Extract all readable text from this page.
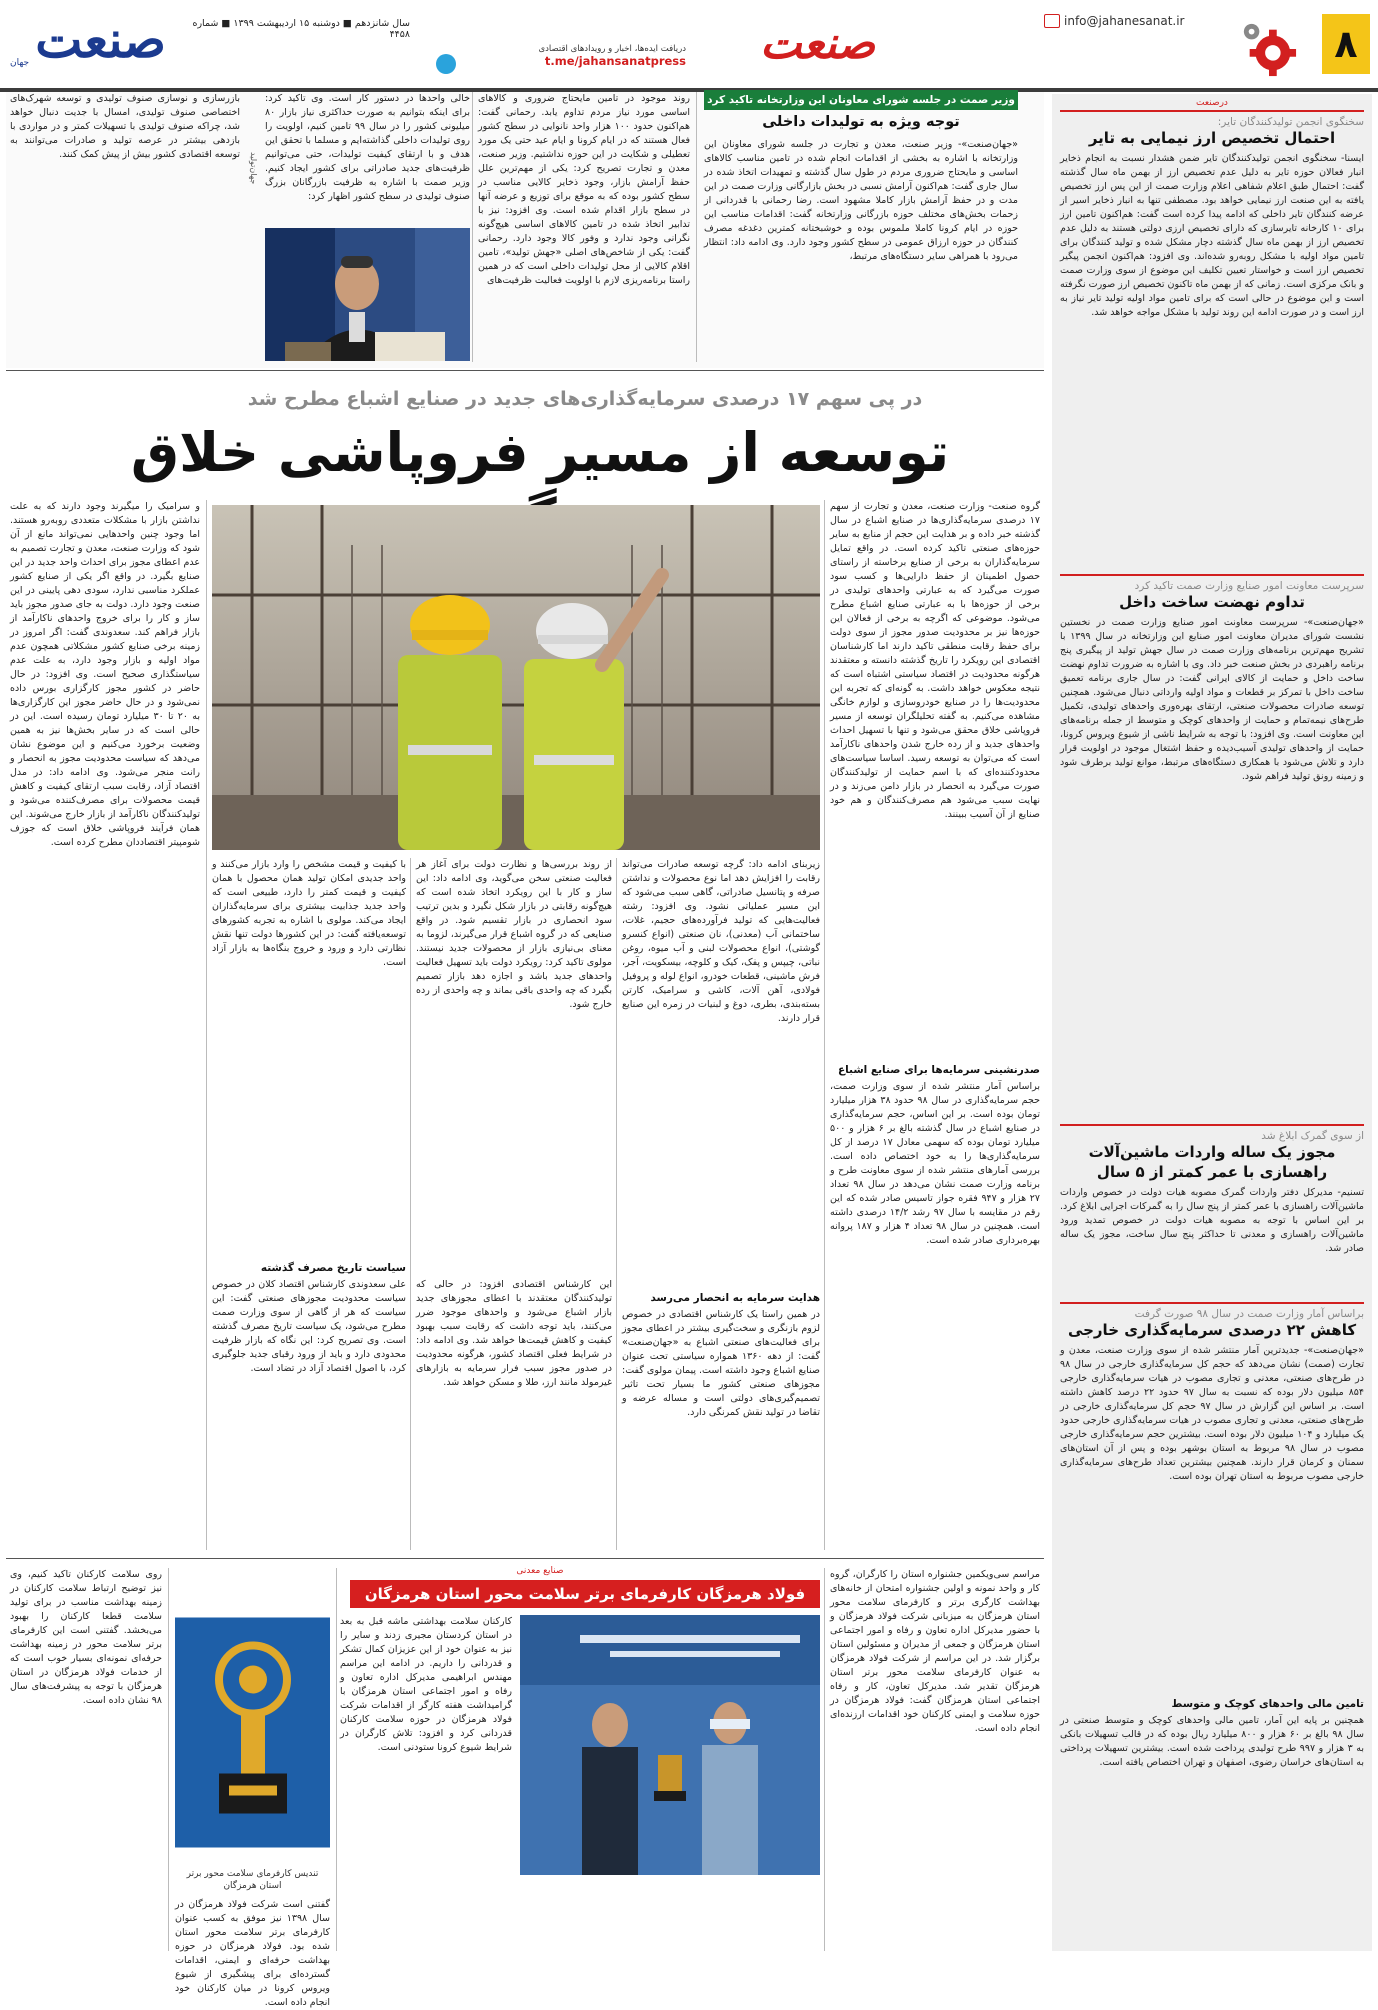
۸
info@jahanesanat.ir
صنعت
دریافت ایده‌ها، اخبار و رویدادهای اقتصادی
t.me/jahansanatpress
سال شانزدهم ■ دوشنبه ۱۵ اردیبهشت ۱۳۹۹ ■ شماره ۴۴۵۸
صنعت
جهان
درصنعت
سخنگوی انجمن تولیدکنندگان تایر:
احتمال تخصیص ارز نیمایی به تایر
ایسنا- سخنگوی انجمن تولیدکنندگان تایر ضمن هشدار نسبت به انجام ذخایر انبار فعالان حوزه تایر به دلیل عدم تخصیص ارز از بهمن ماه سال گذشته گفت: احتمال طبق اعلام شفاهی اعلام وزارت صمت از این پس ارز تخصیص یافته به این صنعت ارز نیمایی خواهد بود. مصطفی تنها به انبار ذخایر اسیر از عرضه‌ کنندگان تایر داخلی که ادامه پیدا کرده است گفت: هم‌اکنون تامین ارز برای ۱۰ کارخانه تایرسازی که دارای تخصیص ارزی دولتی هستند به دلیل عدم تخصیص ارز از بهمن ماه سال گذشته دچار مشکل شده و تولید کنندگان برای تامین مواد اولیه با مشکل روبه‌رو شده‌اند. وی افزود: هم‌اکنون انجمن پیگیر تخصیص ارز است و خواستار تعیین تکلیف این موضوع از سوی وزارت صمت و بانک مرکزی است. زمانی که از بهمن ماه تاکنون تخصیص ارز صورت نگرفته است و این موضوع در حالی است که برای تامین مواد اولیه تولید تایر نیاز به ارز است و در صورت ادامه این روند تولید با مشکل مواجه خواهد شد.
سرپرست معاونت امور صنایع وزارت صمت تاکید کرد
تداوم نهضت ساخت داخل
«جهان‌صنعت»- سرپرست معاونت امور صنایع وزارت صمت در نخستین نشست شورای مدیران معاونت امور صنایع این وزارتخانه در سال ۱۳۹۹ با تشریح مهم‌ترین برنامه‌های وزارت صمت در سال جهش تولید از پیگیری پنج برنامه راهبردی در بخش صنعت خبر داد. وی با اشاره به ضرورت تداوم نهضت ساخت داخل و حمایت از کالای ایرانی گفت: در سال جاری برنامه تعمیق ساخت داخل با تمرکز بر قطعات و مواد اولیه وارداتی دنبال می‌شود. همچنین توسعه صادرات محصولات صنعتی، ارتقای بهره‌وری واحدهای تولیدی، تکمیل طرح‌های نیمه‌تمام و حمایت از واحدهای کوچک و متوسط از جمله برنامه‌های این معاونت است. وی افزود: با توجه به شرایط ناشی از شیوع ویروس کرونا، حمایت از واحدهای تولیدی آسیب‌دیده و حفظ اشتغال موجود در اولویت قرار دارد و تلاش می‌شود با همکاری دستگاه‌های مرتبط، موانع تولید برطرف شود و زمینه رونق تولید فراهم شود.
از سوی گمرک ابلاغ شد
مجوز یک ساله واردات ماشین‌آلات راهسازی با عمر کمتر از ۵ سال
تسنیم- مدیرکل دفتر واردات گمرک مصوبه هیات دولت در خصوص واردات ماشین‌آلات راهسازی با عمر کمتر از پنج سال را به گمرکات اجرایی ابلاغ کرد. بر این اساس با توجه به مصوبه هیات دولت در خصوص تمدید ورود ماشین‌آلات راهسازی و معدنی تا حداکثر پنج سال ساخت، مجوز یک ساله صادر شد.
براساس آمار وزارت صمت در سال ۹۸ صورت گرفت
کاهش ۲۲ درصدی سرمایه‌گذاری خارجی
«جهان‌صنعت»- جدیدترین آمار منتشر شده از سوی وزارت صنعت، معدن و تجارت (صمت) نشان می‌دهد که حجم کل سرمایه‌گذاری خارجی در سال ۹۸ در طرح‌های صنعتی، معدنی و تجاری مصوب در هیات سرمایه‌گذاری خارجی ۸۵۴ میلیون دلار بوده که نسبت به سال ۹۷ حدود ۲۲ درصد کاهش داشته است. بر اساس این گزارش در سال ۹۷ حجم کل سرمایه‌گذاری خارجی در طرح‌های صنعتی، معدنی و تجاری مصوب در هیات سرمایه‌گذاری خارجی حدود یک میلیارد و ۱۰۴ میلیون دلار بوده است. بیشترین حجم سرمایه‌گذاری خارجی مصوب در سال ۹۸ مربوط به استان بوشهر بوده و پس از آن استان‌های سمنان و کرمان قرار دارند. همچنین بیشترین تعداد طرح‌های سرمایه‌گذاری خارجی مصوب مربوط به استان تهران بوده است.
تامین مالی واحدهای کوچک و متوسط
همچنین بر پایه این آمار، تامین مالی واحدهای کوچک و متوسط صنعتی در سال ۹۸ بالغ بر ۶۰ هزار و ۸۰۰ میلیارد ریال بوده که در قالب تسهیلات بانکی به ۳ هزار و ۹۹۷ طرح تولیدی پرداخت شده است. بیشترین تسهیلات پرداختی به استان‌های خراسان رضوی، اصفهان و تهران اختصاص یافته است.
وزیر صمت در جلسه شورای معاونان این وزارتخانه تاکید کرد
توجه ویژه به تولیدات داخلی
«جهان‌صنعت»- وزیر صنعت، معدن و تجارت در جلسه شورای معاونان این وزارتخانه با اشاره به بخشی از اقدامات انجام شده در تامین مناسب کالاهای اساسی و مایحتاج ضروری مردم در طول سال گذشته و تمهیدات اتخاذ شده در سال جاری گفت: هم‌اکنون آرامش نسبی در بخش بازارگانی وزارت صمت در این مدت و در حفظ آرامش بازار کاملا مشهود است. رضا رحمانی با قدردانی از زحمات بخش‌های مختلف حوزه بازرگانی وزارتخانه گفت: اقدامات مناسب این حوزه در ایام کرونا کاملا ملموس بوده و خوشبختانه کمترین دغدغه مصرف کنندگان در حوزه ارزاق عمومی در سطح کشور وجود دارد. وی ادامه داد: انتظار می‌رود با همراهی سایر دستگاه‌های مرتبط،
روند موجود در تامین مایحتاج ضروری و کالاهای اساسی مورد نیاز مردم تداوم یابد. رحمانی گفت: هم‌اکنون حدود ۱۰۰ هزار واحد نانوایی در سطح کشور فعال هستند که در ایام کرونا و ایام عید حتی یک مورد تعطیلی و شکایت در این حوزه نداشتیم. وزیر صنعت، معدن و تجارت تصریح کرد: یکی از مهم‌ترین علل حفظ آرامش بازار، وجود ذخایر کالایی مناسب در سطح کشور بوده که به موقع برای توزیع و عرضه آنها در سطح بازار اقدام شده است. وی افزود: نیز با تدابیر اتخاذ شده در تامین کالاهای اساسی هیچ‌گونه نگرانی وجود ندارد و وفور کالا وجود دارد. رحمانی گفت: یکی از شاخص‌های اصلی «جهش تولید»، تامین اقلام کالایی از محل تولیدات داخلی است که در همین راستا برنامه‌ریزی لازم با اولویت فعالیت ظرفیت‌های
خالی واحدها در دستور کار است. وی تاکید کرد: برای اینکه بتوانیم به صورت حداکثری نیاز بازار ۸۰ میلیونی کشور را در سال ۹۹ تامین کنیم، اولویت را روی تولیدات داخلی گذاشته‌ایم و مسلما با تحقق این هدف و با ارتقای کیفیت تولیدات، حتی می‌توانیم ظرفیت‌های جدید صادراتی برای کشور ایجاد کنیم. وزیر صمت با اشاره به ظرفیت بازرگانان بزرگ صنوف تولیدی در سطح کشور اظهار کرد:
بازرسازی و نوسازی صنوف تولیدی و توسعه شهرک‌های اختصاصی صنوف تولیدی، امسال با جدیت دنبال خواهد شد، چراکه صنوف تولیدی با تسهیلات کمتر و در مواردی با بازدهی بیشتر در عرصه تولید و صادرات می‌توانند به توسعه اقتصادی کشور بیش از پیش کمک کنند.	جهان‌تولید
در پی سهم ۱۷ درصدی سرمایه‌گذاری‌های جدید در صنایع اشباع مطرح شد
توسعه از مسیر فروپاشی خلاق
گروه صنعت- وزارت صنعت، معدن و تجارت از سهم ۱۷ درصدی سرمایه‌گذاری‌ها در صنایع اشباع در سال گذشته خبر داده و بر هدایت این حجم از منابع به سایر حوزه‌های صنعتی تاکید کرده است. در واقع تمایل سرمایه‌گذاران به برخی از صنایع برخاسته از راستای حصول اطمینان از حفظ دارایی‌ها و کسب سود صورت می‌گیرد که به عبارتی واحدهای تولیدی در برخی از حوزه‌ها با به عبارتی صنایع اشباع مطرح می‌شود. موضوعی که اگرچه به برخی از فعالان این حوزه‌ها نیز بر محدودیت صدور مجوز از سوی دولت برای حفظ رقابت منطقی تاکید دارند اما کارشناسان اقتصادی این رویکرد را تاریخ گذشته دانسته و معتقدند هرگونه محدودیت در اقتصاد سیاستی اشتباه است که نتیجه معکوس خواهد داشت. به گونه‌ای که تجربه این محدودیت‌ها را در صنایع خودروسازی و لوازم خانگی مشاهده می‌کنیم. به گفته تحلیلگران توسعه از مسیر فروپاشی خلاق محقق می‌شود و تنها با تسهیل احداث واحدهای جدید و از رده خارج شدن واحدهای ناکارآمد است که می‌توان به توسعه رسید. اساسا سیاست‌های محدودکننده‌ای که با اسم حمایت از تولیدکنندگان صورت می‌گیرد به انحصار در بازار دامن می‌زند و در نهایت سبب می‌شود هم مصرف‌کنندگان و هم خود صنایع از آن آسیب ببینند.
صدرنشینی سرمایه‌ها برای صنایع اشباع
براساس آمار منتشر شده از سوی وزارت صمت، حجم سرمایه‌گذاری در سال ۹۸ حدود ۳۸ هزار میلیارد تومان بوده است. بر این اساس، حجم سرمایه‌گذاری در صنایع اشباع در سال گذشته بالغ بر ۶ هزار و ۵۰۰ میلیارد تومان بوده که سهمی معادل ۱۷ درصد از کل سرمایه‌گذاری‌ها را به خود اختصاص داده است. بررسی آمارهای منتشر شده از سوی معاونت طرح و برنامه وزارت صمت نشان می‌دهد در سال ۹۸ تعداد ۲۷ هزار و ۹۴۷ فقره جواز تاسیس صادر شده که این رقم در مقایسه با سال ۹۷ رشد ۱۴/۲ درصدی داشته است. همچنین در سال ۹۸ تعداد ۴ هزار و ۱۸۷ پروانه بهره‌برداری صادر شده است.
زیربنای ادامه داد: گرچه توسعه صادرات می‌تواند رقابت را افزایش دهد اما نوع محصولات و نداشتن صرفه و پتانسیل صادراتی، گاهی سبب می‌شود که این مسیر عملیاتی نشود. وی افزود: رشته فعالیت‌هایی که تولید فرآورده‌های حجیم، غلات، ساختمانی آب (معدنی)، نان صنعتی (انواع کنسرو گوشتی)، انواع محصولات لبنی و آب میوه، روغن نباتی، چیپس و پفک، کیک و کلوچه، بیسکویت، آجر، فرش ماشینی، قطعات خودرو، انواع لوله و پروفیل فولادی، آهن آلات، کاشی و سرامیک، کارتن بسته‌بندی، بطری، دوغ و لبنیات در زمره این صنایع قرار دارند.
هدایت سرمایه به انحصار می‌رسد
در همین راستا یک کارشناس اقتصادی در خصوص لزوم بازنگری و سخت‌گیری بیشتر در اعطای مجوز برای فعالیت‌های صنعتی اشباع به «جهان‌صنعت» گفت: از دهه ۱۳۶۰ همواره سیاستی تحت عنوان صنایع اشباع وجود داشته است. پیمان مولوی گفت: مجوزهای صنعتی کشور ما بسیار تحت تاثیر تصمیم‌گیری‌های دولتی است و مساله عرضه و تقاضا در تولید نقش کمرنگی دارد.
از روند بررسی‌ها و نظارت دولت برای آغاز هر فعالیت صنعتی سخن می‌گوید، وی ادامه داد: این ساز و کار با این رویکرد اتخاذ شده است که هیچ‌گونه رقابتی در بازار شکل نگیرد و بدین ترتیب سود انحصاری در بازار تقسیم شود. در واقع صنایعی که در گروه اشباع قرار می‌گیرند، لزوما به معنای بی‌نیازی بازار از محصولات جدید نیستند. مولوی تاکید کرد: رویکرد دولت باید تسهیل فعالیت واحدهای جدید باشد و اجازه دهد بازار تصمیم بگیرد که چه واحدی باقی بماند و چه واحدی از رده خارج شود.
این کارشناس اقتصادی افزود: در حالی که تولیدکنندگان معتقدند با اعطای مجوزهای جدید بازار اشباع می‌شود و واحدهای موجود ضرر می‌کنند، باید توجه داشت که رقابت سبب بهبود کیفیت و کاهش قیمت‌ها خواهد شد. وی ادامه داد: در شرایط فعلی اقتصاد کشور، هرگونه محدودیت در صدور مجوز سبب فرار سرمایه به بازارهای غیرمولد مانند ارز، طلا و مسکن خواهد شد.
با کیفیت و قیمت مشخص را وارد بازار می‌کنند و واحد جدیدی امکان تولید همان محصول با همان کیفیت و قیمت کمتر را دارد، طبیعی است که واحد جدید جذابیت بیشتری برای سرمایه‌گذاران ایجاد می‌کند. مولوی با اشاره به تجربه کشورهای توسعه‌یافته گفت: در این کشورها دولت تنها نقش نظارتی دارد و ورود و خروج بنگاه‌ها به بازار آزاد است.
سیاست تاریخ مصرف گذشته
علی سعدوندی کارشناس اقتصاد کلان در خصوص سیاست محدودیت مجوزهای صنعتی گفت: این سیاست که هر از گاهی از سوی وزارت صمت مطرح می‌شود، یک سیاست تاریخ مصرف گذشته است. وی تصریح کرد: این نگاه که بازار ظرفیت محدودی دارد و باید از ورود رقبای جدید جلوگیری کرد، با اصول اقتصاد آزاد در تضاد است.
و سرامیک را میگیرند وجود دارند که به علت نداشتن بازار با مشکلات متعددی روبه‌رو هستند. اما وجود چنین واحدهایی نمی‌تواند مانع از آن شود که وزارت صنعت، معدن و تجارت تصمیم به عدم اعطای مجوز برای احداث واحد جدید در این صنایع بگیرد. در واقع اگر یکی از صنایع کشور عملکرد مناسبی ندارد، سودی دهی پایینی در این صنعت وجود دارد. دولت به جای صدور مجوز باید ساز و کار را برای خروج واحدهای ناکارآمد از بازار فراهم کند. سعدوندی گفت: اگر امروز در زمینه برخی صنایع کشور مشکلاتی همچون عدم مواد اولیه و بازار وجود دارد، به علت عدم سیاستگذاری صحیح است. وی افزود: در حال حاضر در کشور مجوز کارگزاری بورس داده نمی‌شود و در حال حاضر مجوز این کارگزاری‌ها به ۲۰ تا ۳۰ میلیارد تومان رسیده است. این در حالی است که در سایر بخش‌ها نیز به همین وضعیت برخورد می‌کنیم و این موضوع نشان می‌دهد که سیاست محدودیت مجوز به انحصار و رانت منجر می‌شود. وی ادامه داد: در مدل اقتصاد آزاد، رقابت سبب ارتقای کیفیت و کاهش قیمت محصولات برای مصرف‌کننده می‌شود و تولیدکنندگان ناکارآمد از بازار خارج می‌شوند. این همان فرآیند فروپاشی خلاق است که جوزف شومپیتر اقتصاددان مطرح کرده است.
صنایع معدنی
فولاد هرمزگان کارفرمای برتر سلامت محور استان هرمزگان
مراسم سی‌ویکمین جشنواره استان را کارگران، گروه کار و واحد نمونه و اولین جشنواره امتحان از خانه‌های بهداشت کارگری برتر و کارفرمای سلامت محور استان هرمزگان به میزبانی شرکت فولاد هرمزگان و با حضور مدیرکل اداره تعاون و رفاه و امور اجتماعی استان هرمزگان و جمعی از مدیران و مسئولین استان برگزار شد. در این مراسم از شرکت فولاد هرمزگان به عنوان کارفرمای سلامت محور برتر استان هرمزگان تقدیر شد. مدیرکل تعاون، کار و رفاه اجتماعی استان هرمزگان گفت: فولاد هرمزگان در حوزه سلامت و ایمنی کارکنان خود اقدامات ارزنده‌ای انجام داده است.
کارکنان سلامت بهداشتی ماشه قبل به بعد در استان کردستان مجیری زدند و سایر را نیز به عنوان خود از این عزیزان کمال تشکر و قدردانی را داریم. در ادامه این مراسم مهندس ابراهیمی مدیرکل اداره تعاون و رفاه و امور اجتماعی استان هرمزگان با گرامیداشت هفته کارگر از اقدامات شرکت فولاد هرمزگان در حوزه سلامت کارکنان قدردانی کرد و افزود: تلاش کارگران در شرایط شیوع کرونا ستودنی است.
تندیس کارفرمای سلامت محور برتر استان هرمزگان
گفتنی است شرکت فولاد هرمزگان در سال ۱۳۹۸ نیز موفق به کسب عنوان کارفرمای برتر سلامت محور استان شده بود. فولاد هرمزگان در حوزه بهداشت حرفه‌ای و ایمنی، اقدامات گسترده‌ای برای پیشگیری از شیوع ویروس کرونا در میان کارکنان خود انجام داده است.
روی سلامت کارکنان تاکید کنیم، وی نیز توضیح ارتباط سلامت کارکنان در زمینه بهداشت مناسب در برای تولید سلامت قطعا کارکنان را بهبود می‌بخشد. گفتنی است این کارفرمای برتر سلامت محور در زمینه بهداشت حرفه‌ای نمونه‌ای بسیار خوب است که از خدمات فولاد هرمزگان در استان هرمزگان با توجه به پیشرفت‌های سال ۹۸ نشان داده است.
